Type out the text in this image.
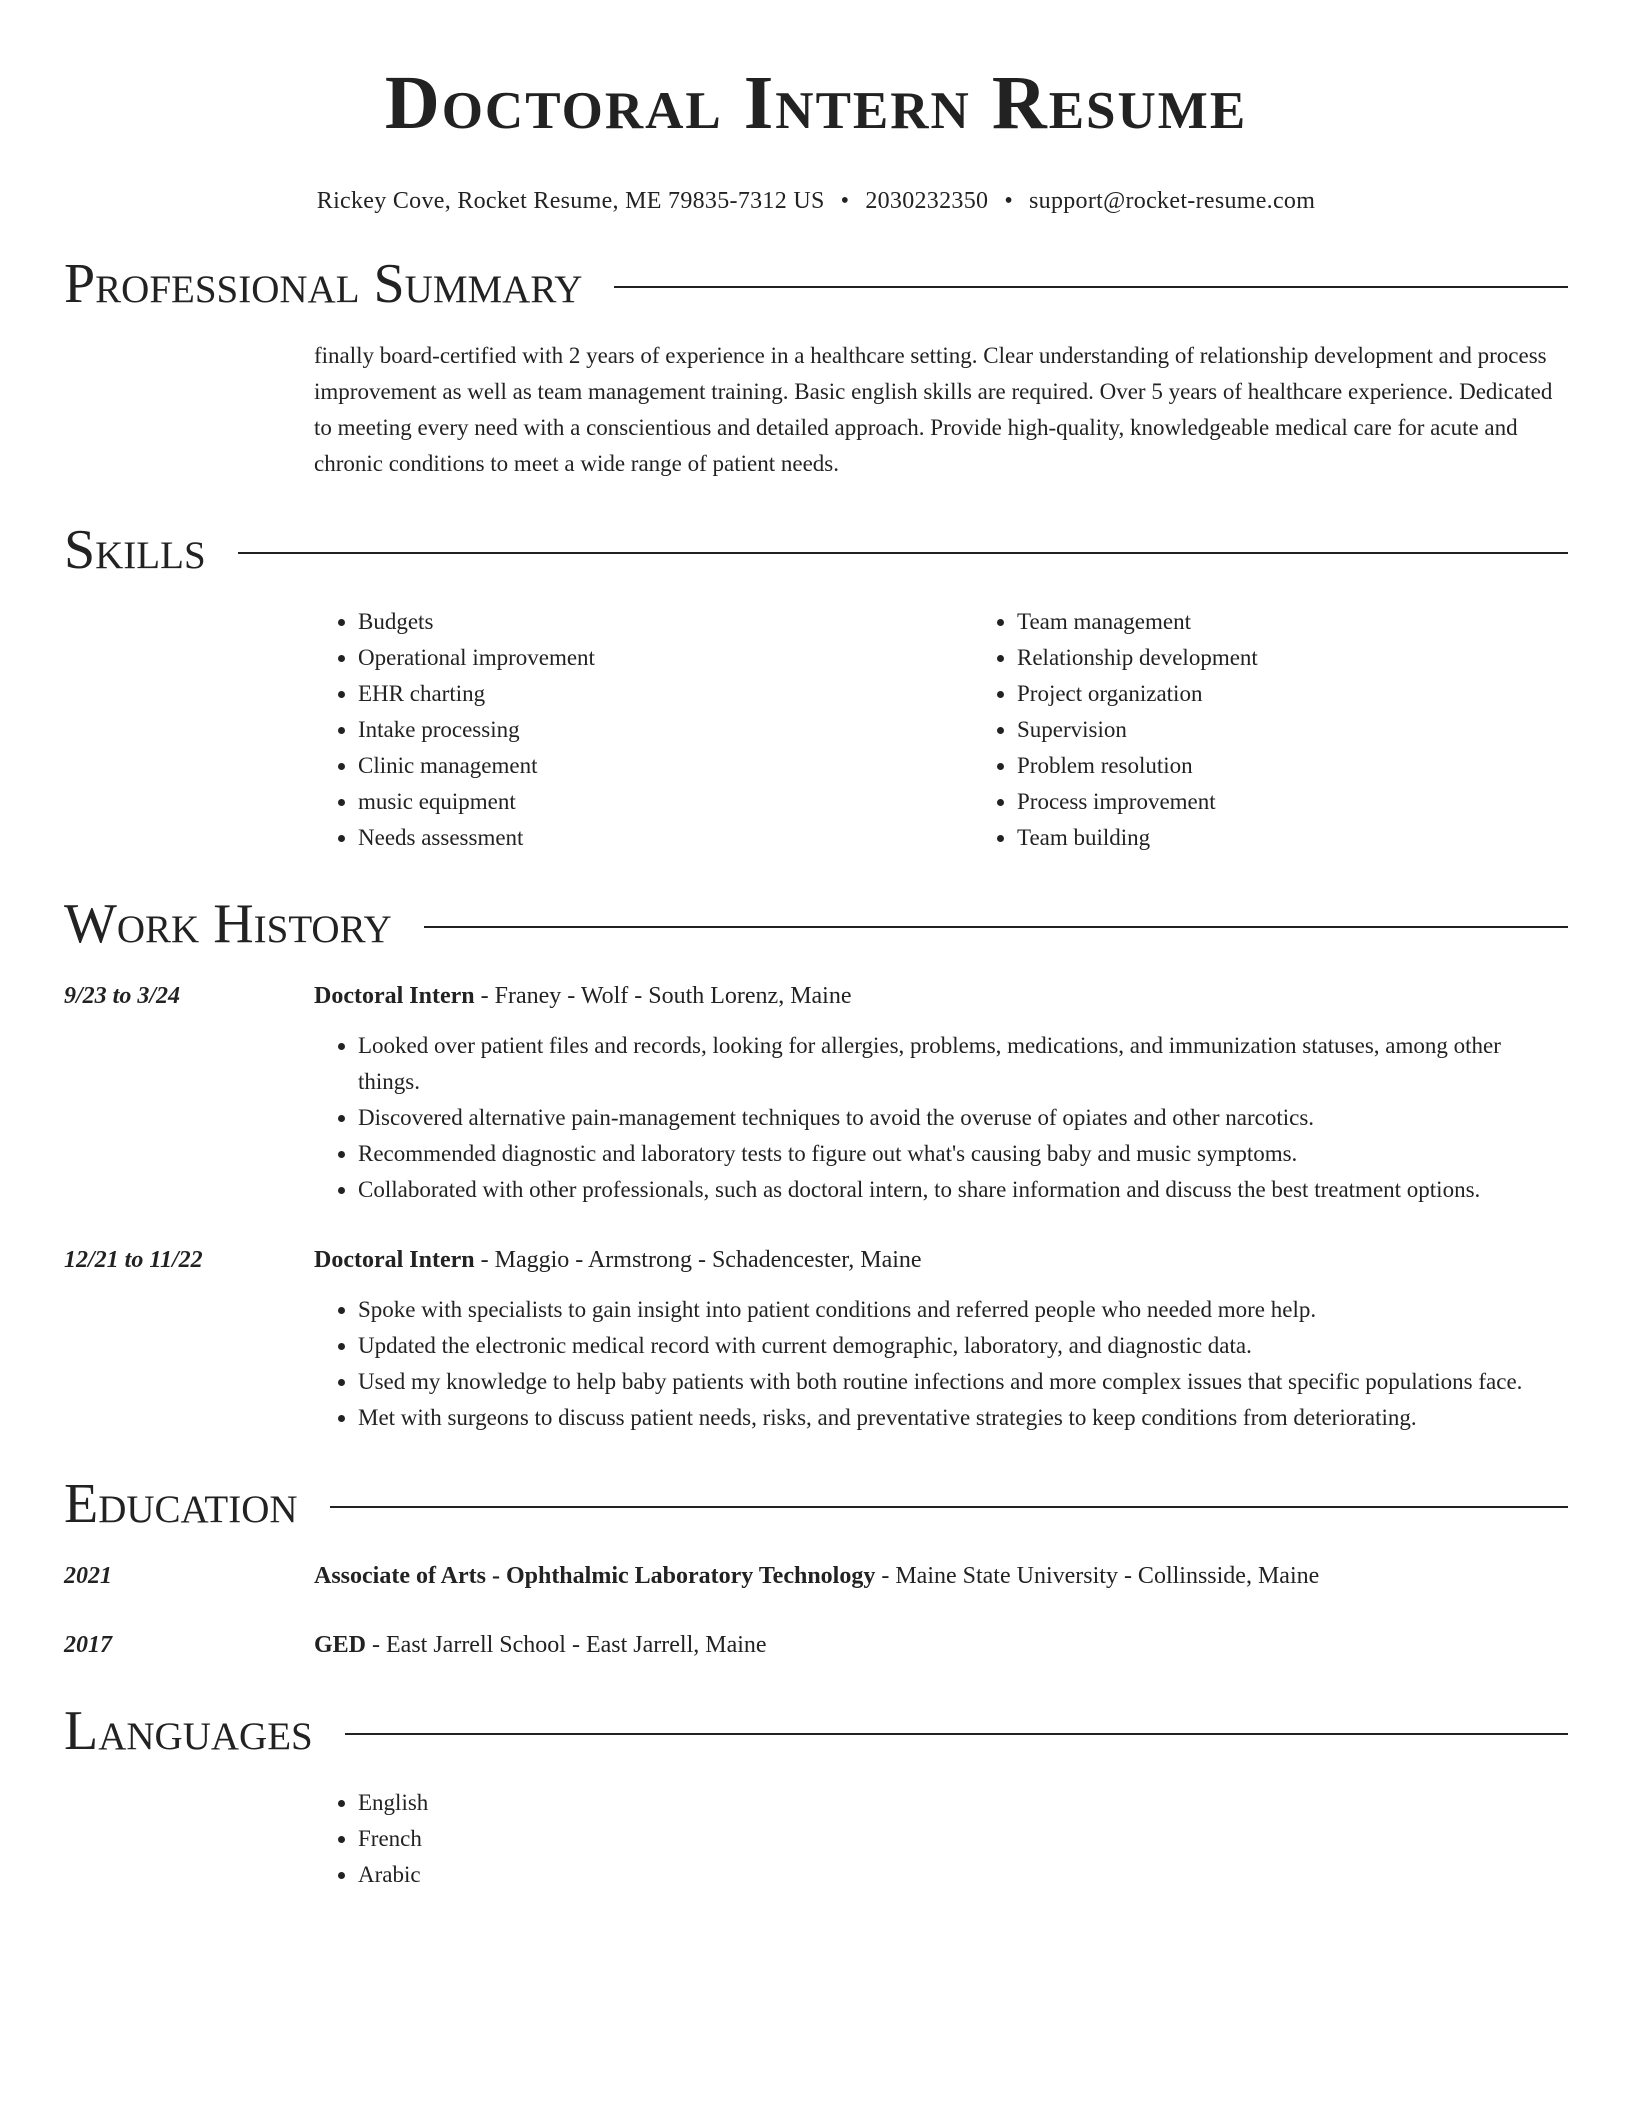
Doctoral Intern Resume
Rickey Cove, Rocket Resume, ME 79835-7312 US • 2030232350 • support@rocket-resume.com
Professional Summary
finally board-certified with 2 years of experience in a healthcare setting. Clear understanding of relationship development and process improvement as well as team management training. Basic english skills are required. Over 5 years of healthcare experience. Dedicated to meeting every need with a conscientious and detailed approach. Provide high-quality, knowledgeable medical care for acute and chronic conditions to meet a wide range of patient needs.
Skills
• Budgets
• Operational improvement
• EHR charting
• Intake processing
• Clinic management
• music equipment
• Needs assessment
• Team management
• Relationship development
• Project organization
• Supervision
• Problem resolution
• Process improvement
• Team building
Work History
9/23 to 3/24	Doctoral Intern - Franey - Wolf - South Lorenz, Maine
• Looked over patient files and records, looking for allergies, problems, medications, and immunization statuses, among other things.
• Discovered alternative pain-management techniques to avoid the overuse of opiates and other narcotics.
• Recommended diagnostic and laboratory tests to figure out what's causing baby and music symptoms.
• Collaborated with other professionals, such as doctoral intern, to share information and discuss the best treatment options.
12/21 to 11/22	Doctoral Intern - Maggio - Armstrong - Schadencester, Maine
• Spoke with specialists to gain insight into patient conditions and referred people who needed more help.
• Updated the electronic medical record with current demographic, laboratory, and diagnostic data.
• Used my knowledge to help baby patients with both routine infections and more complex issues that specific populations face.
• Met with surgeons to discuss patient needs, risks, and preventative strategies to keep conditions from deteriorating.
Education
2021	Associate of Arts - Ophthalmic Laboratory Technology - Maine State University - Collinsside, Maine
2017	GED - East Jarrell School - East Jarrell, Maine
Languages
• English
• French
• Arabic
